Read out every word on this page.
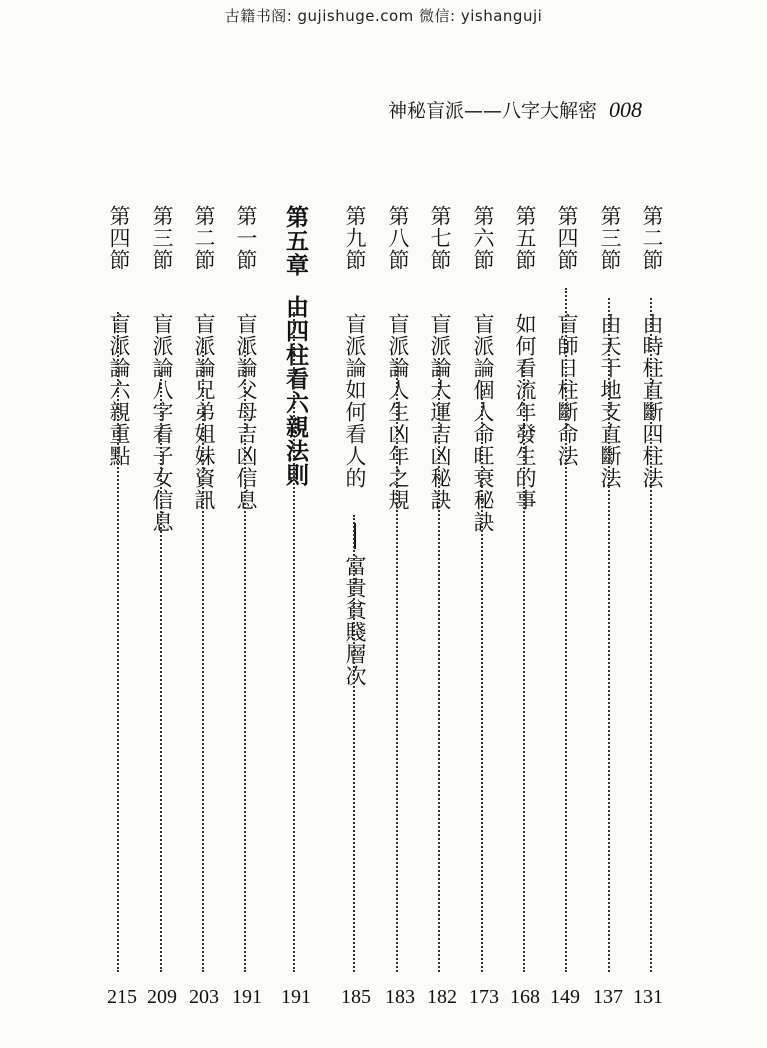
古籍书阁: gujishuge.com 微信: yishanguji
神秘盲派——八字大解密 008
第二節
由時柱直斷四柱法
131
第三節
由天干地支直斷法
137
第四節
盲師日柱斷命法
149
第五節
如何看流年發生的事
168
第六節
盲派論個人命旺衰秘訣
173
第七節
盲派論大運吉凶秘訣
182
第八節
盲派論人生凶年之規
183
第九節
盲派論如何看人的
富貴貧賤層次
185
第五章
由四柱看六親法則
191
第一節
盲派論父母吉凶信息
191
第二節
盲派論兄弟姐妹資訊
203
第三節
盲派論八字看子女信息
209
第四節
盲派論六親重點
215
